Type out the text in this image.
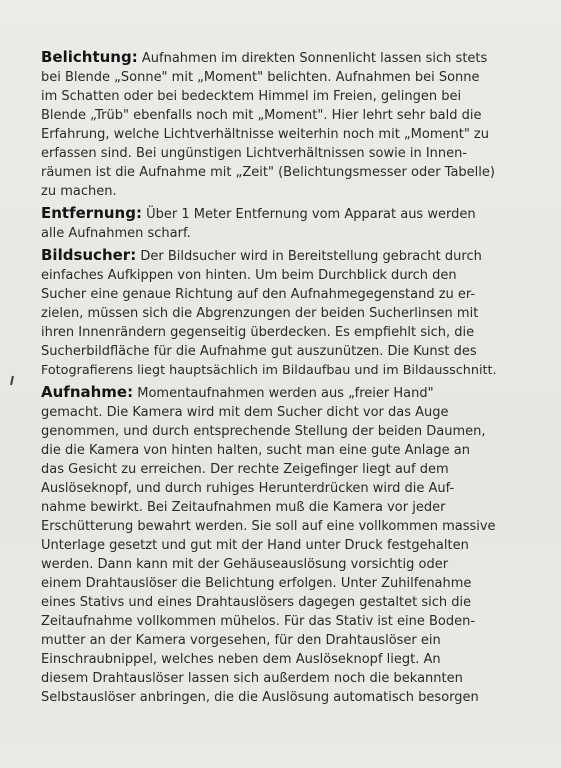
Belichtung: Aufnahmen im direkten Sonnenlicht lassen sich stets
bei Blende „Sonne" mit „Moment" belichten. Aufnahmen bei Sonne
im Schatten oder bei bedecktem Himmel im Freien, gelingen bei
Blende „Trüb" ebenfalls noch mit „Moment". Hier lehrt sehr bald die
Erfahrung, welche Lichtverhältnisse weiterhin noch mit „Moment" zu
erfassen sind. Bei ungünstigen Lichtverhältnissen sowie in Innen-
räumen ist die Aufnahme mit „Zeit" (Belichtungsmesser oder Tabelle)
zu machen.
Entfernung: Über 1 Meter Entfernung vom Apparat aus werden
alle Aufnahmen scharf.
Bildsucher: Der Bildsucher wird in Bereitstellung gebracht durch
einfaches Aufkippen von hinten. Um beim Durchblick durch den
Sucher eine genaue Richtung auf den Aufnahmegegenstand zu er-
zielen, müssen sich die Abgrenzungen der beiden Sucherlinsen mit
ihren Innenrändern gegenseitig überdecken. Es empfiehlt sich, die
Sucherbildfläche für die Aufnahme gut auszunützen. Die Kunst des
Fotografierens liegt hauptsächlich im Bildaufbau und im Bildausschnitt.
Aufnahme: Momentaufnahmen werden aus „freier Hand"
gemacht. Die Kamera wird mit dem Sucher dicht vor das Auge
genommen, und durch entsprechende Stellung der beiden Daumen,
die die Kamera von hinten halten, sucht man eine gute Anlage an
das Gesicht zu erreichen. Der rechte Zeigefinger liegt auf dem
Auslöseknopf, und durch ruhiges Herunterdrücken wird die Auf-
nahme bewirkt. Bei Zeitaufnahmen muß die Kamera vor jeder
Erschütterung bewahrt werden. Sie soll auf eine vollkommen massive
Unterlage gesetzt und gut mit der Hand unter Druck festgehalten
werden. Dann kann mit der Gehäuseauslösung vorsichtig oder
einem Drahtauslöser die Belichtung erfolgen. Unter Zuhilfenahme
eines Stativs und eines Drahtauslösers dagegen gestaltet sich die
Zeitaufnahme vollkommen mühelos. Für das Stativ ist eine Boden-
mutter an der Kamera vorgesehen, für den Drahtauslöser ein
Einschraubnippel, welches neben dem Auslöseknopf liegt. An
diesem Drahtauslöser lassen sich außerdem noch die bekannten
Selbstauslöser anbringen, die die Auslösung automatisch besorgen
